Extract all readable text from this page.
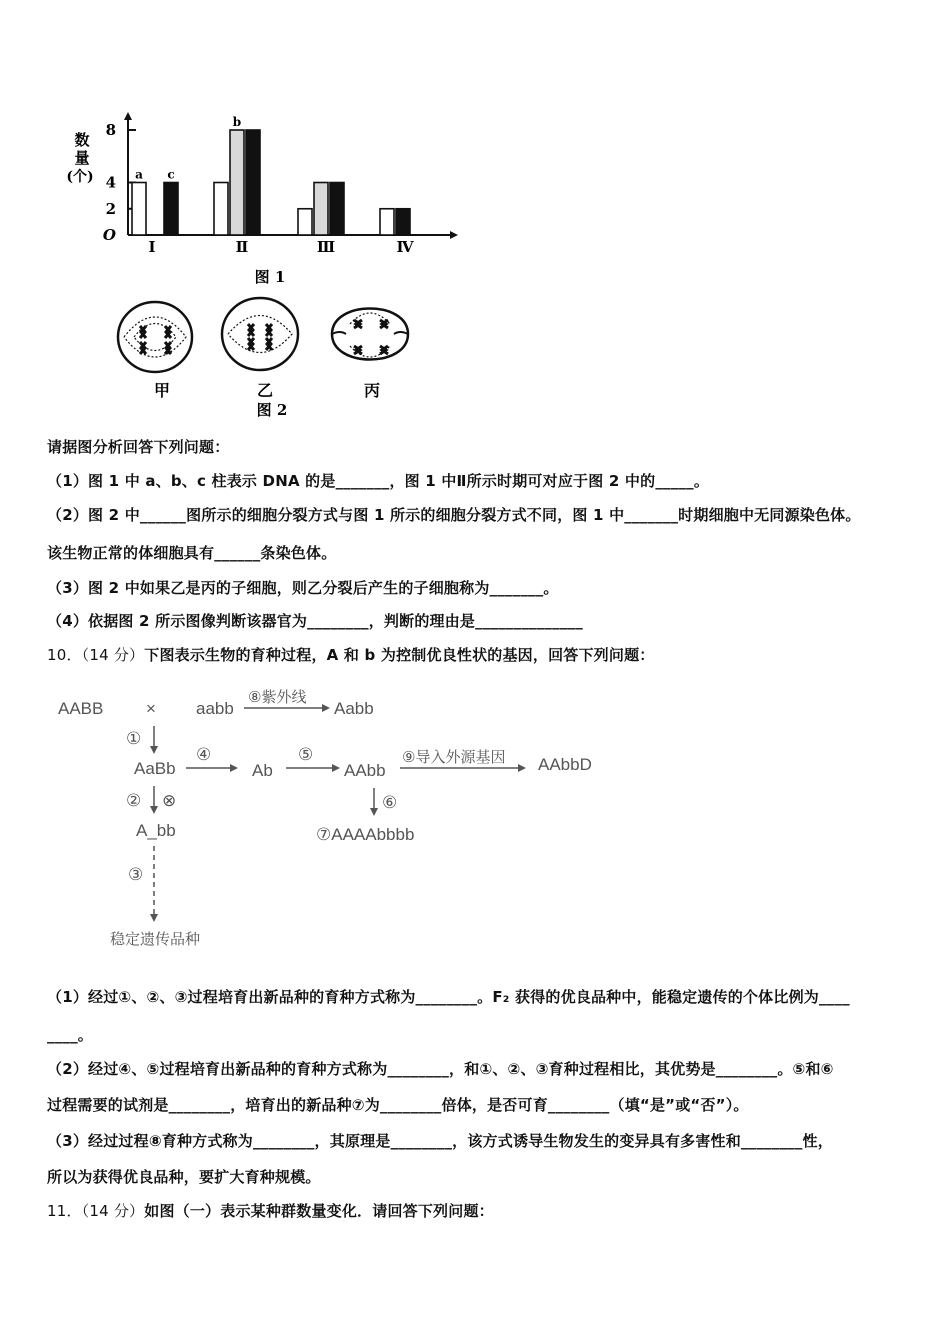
数
量
(个)
O
2
4
8
a c
b
Ⅰ	Ⅱ	Ⅲ	Ⅳ
图 1
甲	乙	丙
图 2
请据图分析回答下列问题：
（1）图 1 中 a、b、c 柱表示 DNA 的是_______，图 1 中Ⅱ所示时期可对应于图 2 中的_____。
（2）图 2 中______图所示的细胞分裂方式与图 1 所示的细胞分裂方式不同，图 1 中_______时期细胞中无同源染色体。
该生物正常的体细胞具有______条染色体。
（3）图 2 中如果乙是丙的子细胞，则乙分裂后产生的子细胞称为_______。
（4）依据图 2 所示图像判断该器官为________，判断的理由是______________
10．（14 分）下图表示生物的育种过程，A 和 b 为控制优良性状的基因，回答下列问题：
AABB	× aabb
⑧紫外线
Aabb
①
AaBb
④
Ab
⑤
AAbb
⑨导入外源基因 AAbbD
② ⊗	⑥
A_bb	⑦AAAAbbbb
③
稳定遗传品种
（1）经过①、②、③过程培育出新品种的育种方式称为________。F₂ 获得的优良品种中，能稳定遗传的个体比例为____
____。
（2）经过④、⑤过程培育出新品种的育种方式称为________，和①、②、③育种过程相比，其优势是________。⑤和⑥
过程需要的试剂是________，培育出的新品种⑦为________倍体，是否可育________（填“是”或“否”）。
（3）经过过程⑧育种方式称为________，其原理是________，该方式诱导生物发生的变异具有多害性和________性，
所以为获得优良品种，要扩大育种规模。
11．（14 分）如图（一）表示某种群数量变化．请回答下列问题：
